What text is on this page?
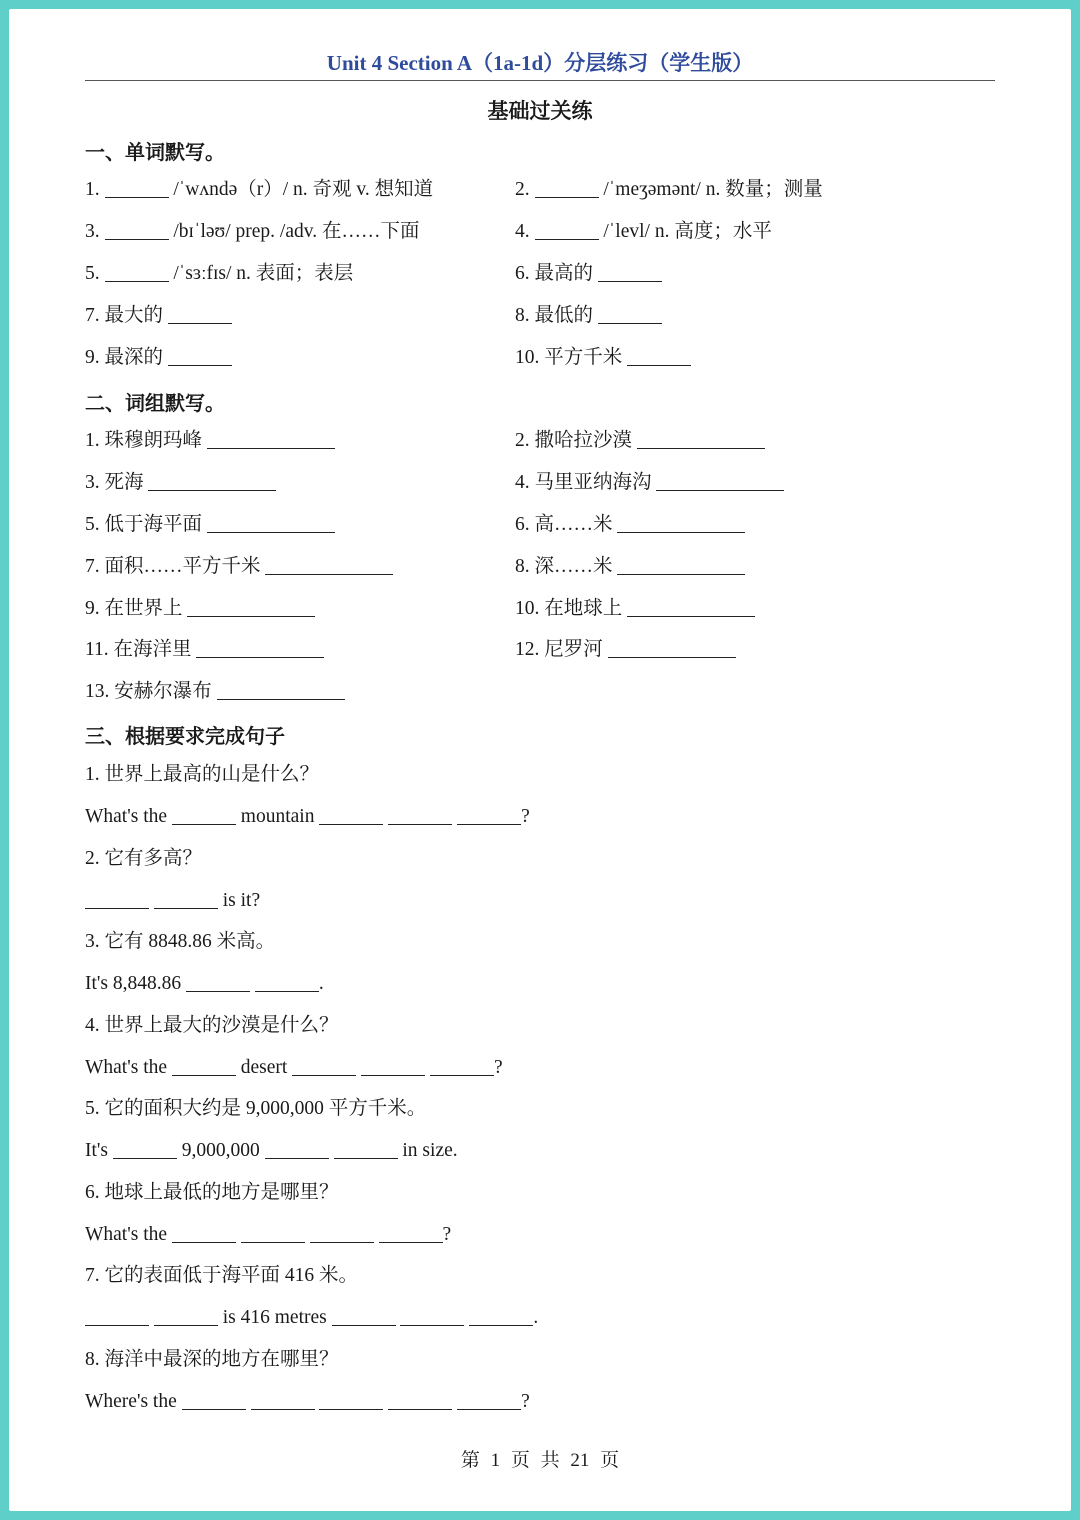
Unit 4 Section A（1a-1d）分层练习（学生版）
基础过关练
一、单词默写。
1.	/ˈwʌndə（r）/ n. 奇观 v. 想知道	2.	/ˈmeʒəmənt/ n. 数量；测量
3.	/bɪˈləʊ/ prep. /adv. 在……下面	4.	/ˈlevl/ n. 高度；水平
5.	/ˈsɜːfɪs/ n. 表面；表层	6. 最高的
7. 最大的	8. 最低的
9. 最深的	10. 平方千米
二、词组默写。
1. 珠穆朗玛峰	2. 撒哈拉沙漠
3. 死海	4. 马里亚纳海沟
5. 低于海平面	6. 高……米
7. 面积……平方千米	8. 深……米
9. 在世界上	10. 在地球上
11. 在海洋里	12. 尼罗河
13. 安赫尔瀑布
三、根据要求完成句子
1. 世界上最高的山是什么？
What's the	mountain	?
2. 它有多高？
is it?
3. 它有 8848.86 米高。
It's 8,848.86	.
4. 世界上最大的沙漠是什么？
What's the	desert	?
5. 它的面积大约是 9,000,000 平方千米。
It's	9,000,000	in size.
6. 地球上最低的地方是哪里？
What's the	?
7. 它的表面低于海平面 416 米。
is 416 metres	.
8. 海洋中最深的地方在哪里？
Where's the	?
第 1 页 共 21 页
